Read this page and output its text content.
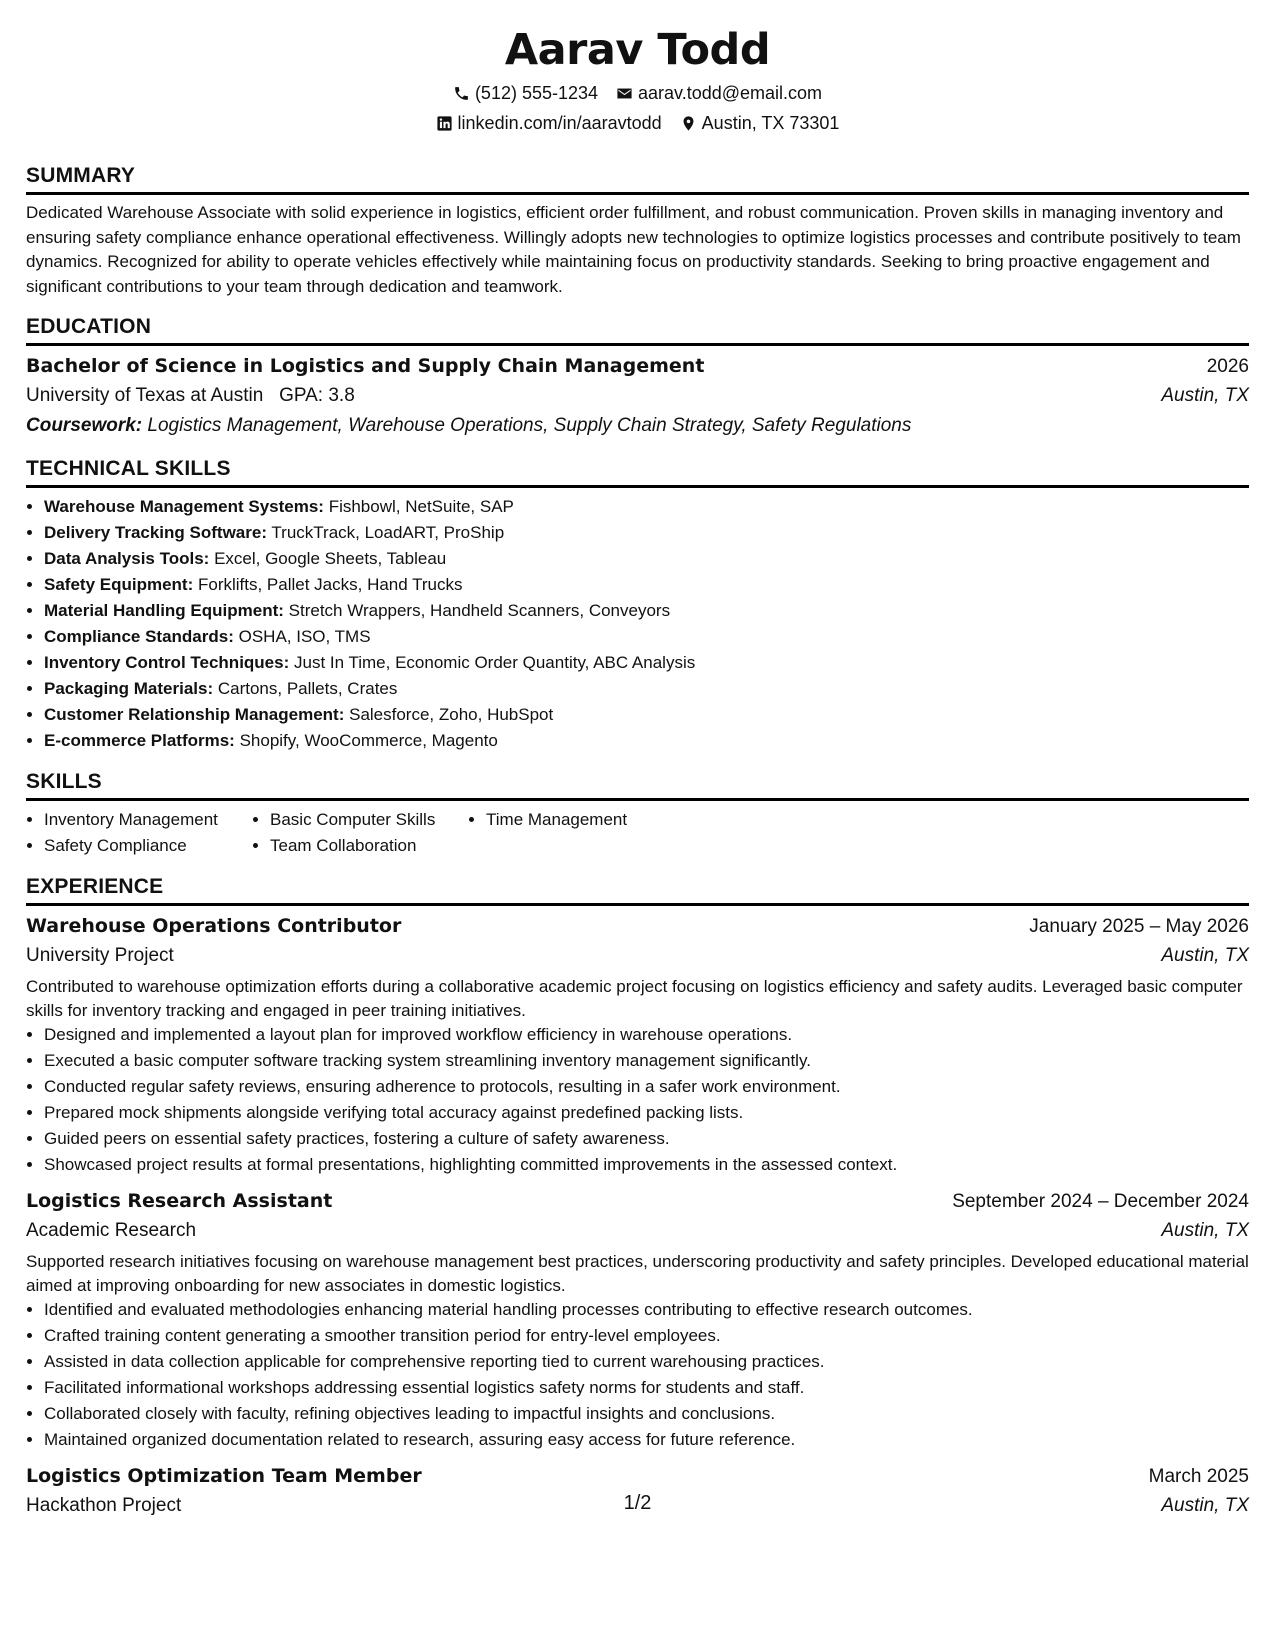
Aarav Todd
(512) 555-1234 aarav.todd@email.com
linkedin.com/in/aaravtodd Austin, TX 73301
SUMMARY

Dedicated Warehouse Associate with solid experience in logistics, efficient order fulfillment, and robust communication. Proven skills in managing inventory and ensuring safety compliance enhance operational effectiveness. Willingly adopts new technologies to optimize logistics processes and contribute positively to team dynamics. Recognized for ability to operate vehicles effectively while maintaining focus on productivity standards. Seeking to bring proactive engagement and significant contributions to your team through dedication and teamwork.

EDUCATION
Bachelor of Science in Logistics and Supply Chain Management	2026
University of Texas at Austin   GPA: 3.8	Austin, TX
Coursework: Logistics Management, Warehouse Operations, Supply Chain Strategy, Safety Regulations
TECHNICAL SKILLS
• Warehouse Management Systems: Fishbowl, NetSuite, SAP
• Delivery Tracking Software: TruckTrack, LoadART, ProShip
• Data Analysis Tools: Excel, Google Sheets, Tableau
• Safety Equipment: Forklifts, Pallet Jacks, Hand Trucks
• Material Handling Equipment: Stretch Wrappers, Handheld Scanners, Conveyors
• Compliance Standards: OSHA, ISO, TMS
• Inventory Control Techniques: Just In Time, Economic Order Quantity, ABC Analysis
• Packaging Materials: Cartons, Pallets, Crates
• Customer Relationship Management: Salesforce, Zoho, HubSpot
• E-commerce Platforms: Shopify, WooCommerce, Magento
SKILLS
Inventory Management	Basic Computer Skills	Time Management
Safety Compliance	Team Collaboration
EXPERIENCE
Warehouse Operations Contributor	January 2025 – May 2026
University Project	Austin, TX

Contributed to warehouse optimization efforts during a collaborative academic project focusing on logistics efficiency and safety audits. Leveraged basic computer skills for inventory tracking and engaged in peer training initiatives.

• Designed and implemented a layout plan for improved workflow efficiency in warehouse operations.
• Executed a basic computer software tracking system streamlining inventory management significantly.
• Conducted regular safety reviews, ensuring adherence to protocols, resulting in a safer work environment.
• Prepared mock shipments alongside verifying total accuracy against predefined packing lists.
• Guided peers on essential safety practices, fostering a culture of safety awareness.
• Showcased project results at formal presentations, highlighting committed improvements in the assessed context.
Logistics Research Assistant	September 2024 – December 2024
Academic Research	Austin, TX

Supported research initiatives focusing on warehouse management best practices, underscoring productivity and safety principles. Developed educational material aimed at improving onboarding for new associates in domestic logistics.

• Identified and evaluated methodologies enhancing material handling processes contributing to effective research outcomes.
• Crafted training content generating a smoother transition period for entry-level employees.
• Assisted in data collection applicable for comprehensive reporting tied to current warehousing practices.
• Facilitated informational workshops addressing essential logistics safety norms for students and staff.
• Collaborated closely with faculty, refining objectives leading to impactful insights and conclusions.
• Maintained organized documentation related to research, assuring easy access for future reference.
Logistics Optimization Team Member	March 2025
Hackathon Project	Austin, TX
1/2
